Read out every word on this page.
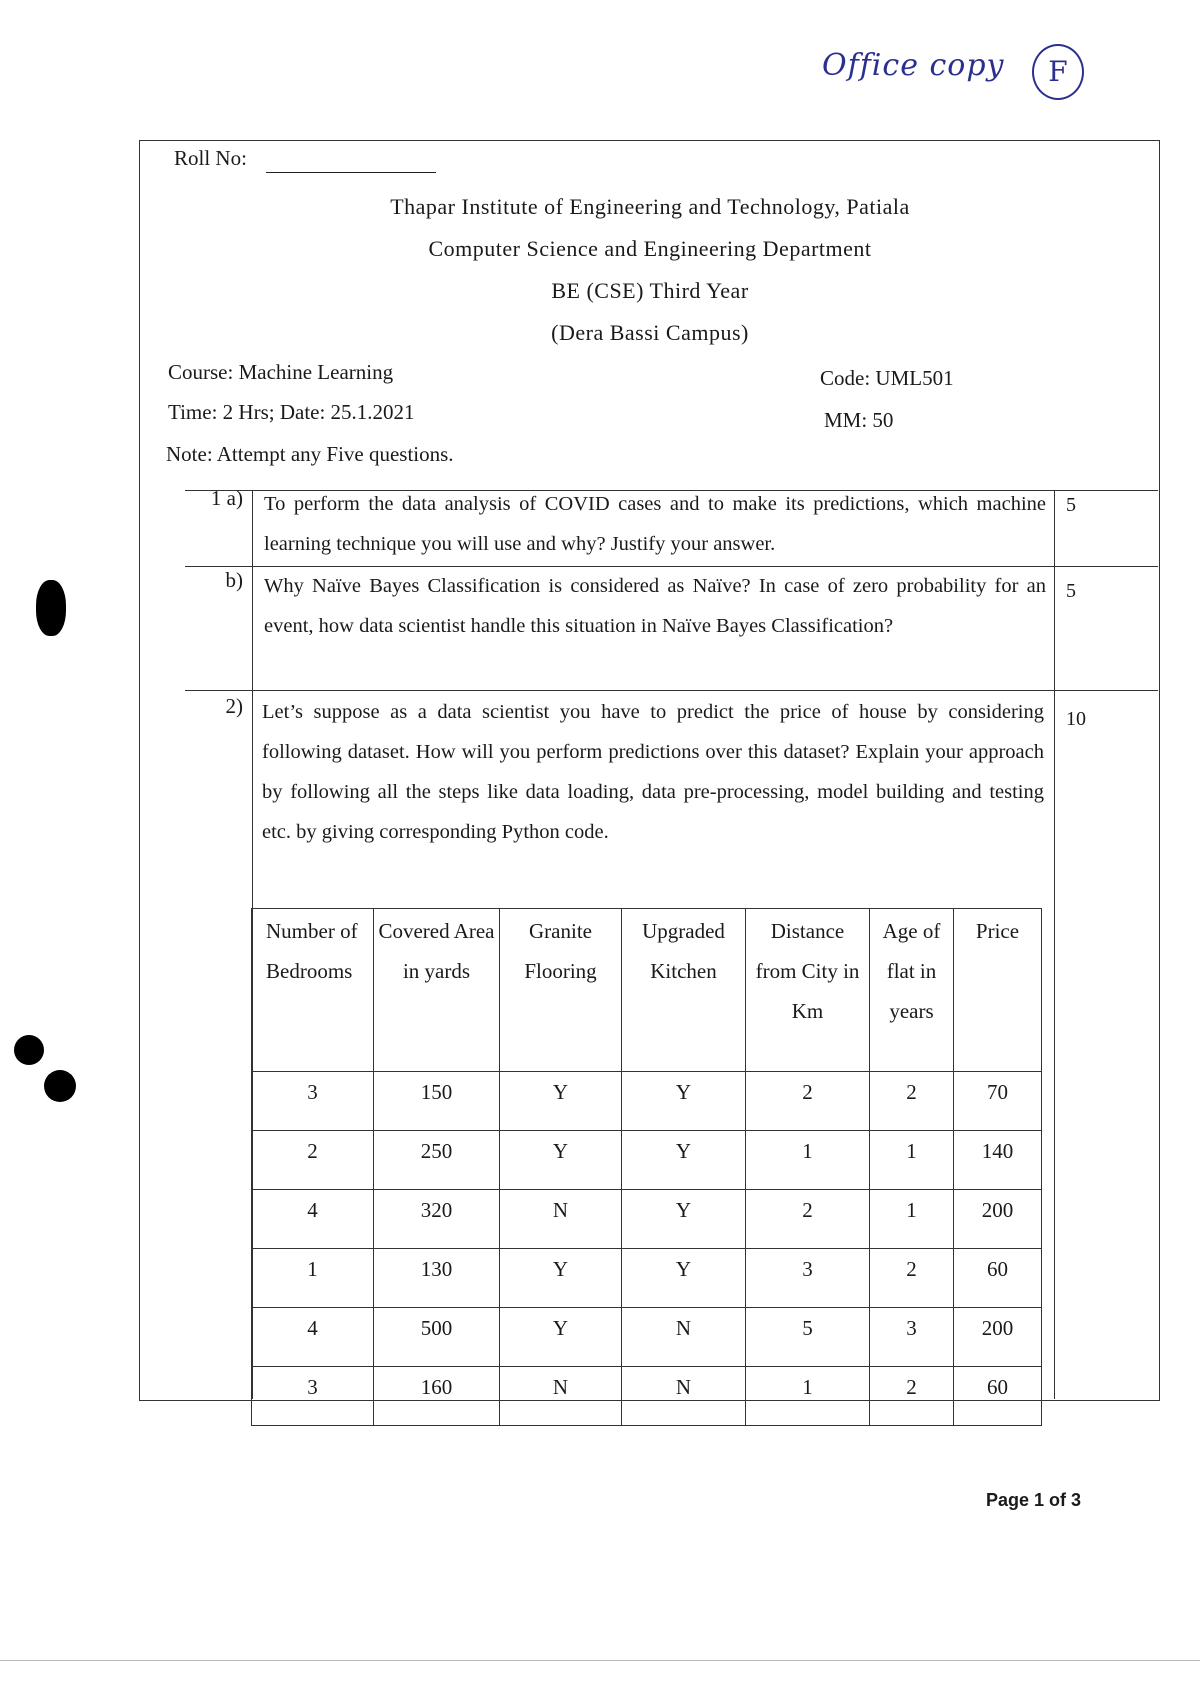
Office copy	F
Roll No:
Thapar Institute of Engineering and Technology, Patiala
Computer Science and Engineering Department
BE (CSE) Third Year
(Dera Bassi Campus)
Course: Machine Learning	Code: UML501
Time: 2 Hrs; Date: 25.1.2021	MM: 50
Note: Attempt any Five questions.
1 a) To perform the data analysis of COVID cases and to make its predictions, which machine learning technique you will use and why? Justify your answer.
5
b) Why Naïve Bayes Classification is considered as Naïve? In case of zero probability for an event, how data scientist handle this situation in Naïve Bayes Classification?
5
2) Let’s suppose as a data scientist you have to predict the price of house by considering following dataset. How will you perform predictions over this dataset? Explain your approach by following all the steps like data loading, data pre-processing, model building and testing etc. by giving corresponding Python code.
10
Number of Bedrooms	Covered Area in yards	Granite Flooring	Upgraded Kitchen	Distance from City in Km	Age of flat in years	Price
3	150	Y	Y	2	2	70
2	250	Y	Y	1	1	140
4	320	N	Y	2	1	200
1	130	Y	Y	3	2	60
4	500	Y	N	5	3	200
3	160	N	N	1	2	60
Page 1 of 3
